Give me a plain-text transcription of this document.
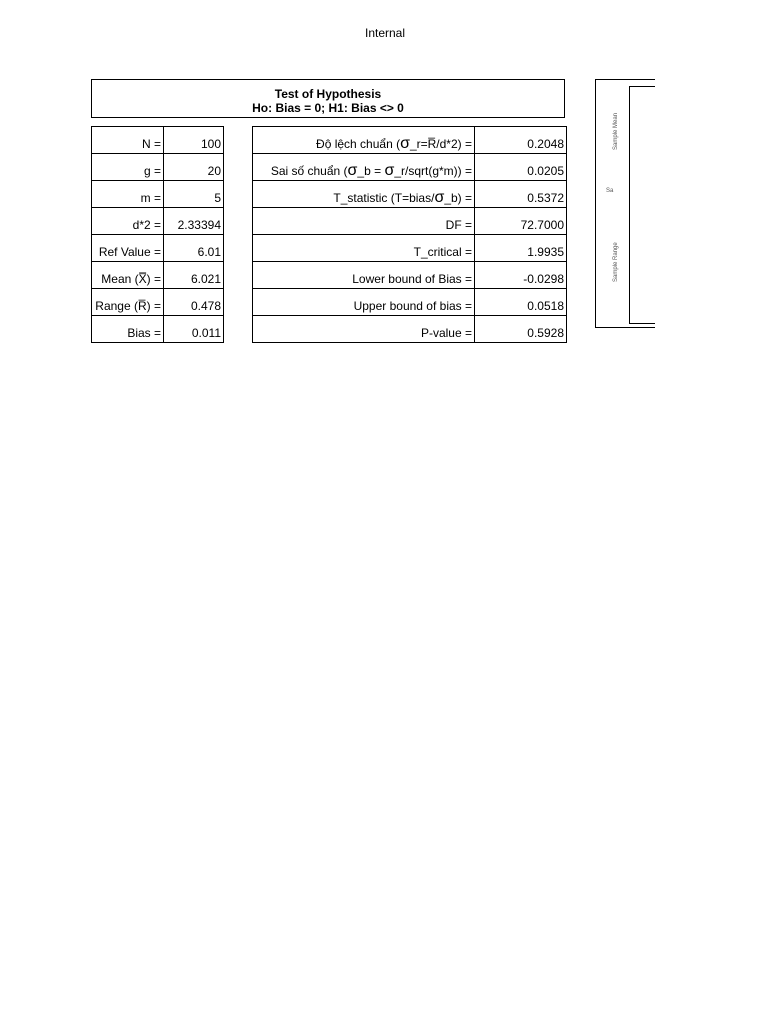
Internal
Test of Hypothesis
Ho: Bias = 0; H1: Bias <> 0
N =	100
g =	20
m =	5
d*2 =	2.33394
Ref Value =	6.01
Mean (X̿) =	6.021
Range (R̅) =	0.478
Bias =	0.011
Độ lệch chuẩn (σ_r=R̅/d*2) =	0.2048
Sai số chuẩn (σ_b = σ_r/sqrt(g*m)) =	0.0205
T_statistic (T=bias/σ_b) =	0.5372
DF =	72.7000
T_critical =	1.9935
Lower bound of Bias =	-0.0298
Upper bound of bias =	0.0518
P-value =	0.5928
Sample Mean
Sa
Sample Range
